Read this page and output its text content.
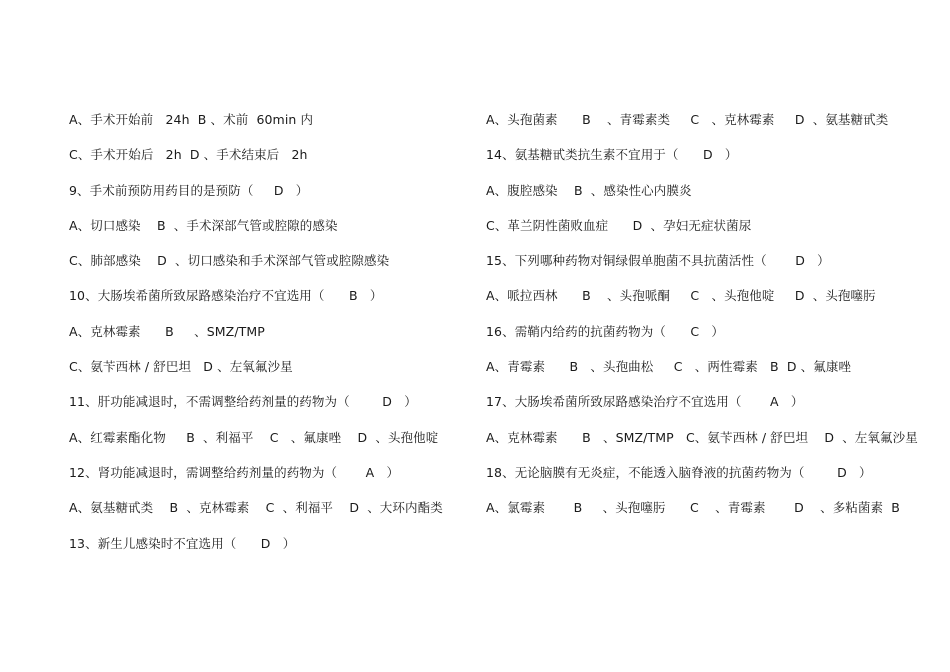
A、手术开始前   24h  B 、术前  60min 内
C、手术开始后   2h  D 、手术结束后   2h
9、手术前预防用药目的是预防（     D   ）
A、切口感染    B  、手术深部气管或腔隙的感染
C、肺部感染    D  、切口感染和手术深部气管或腔隙感染
10、大肠埃希菌所致尿路感染治疗不宜选用（      B   ）
A、克林霉素      B     、SMZ/TMP
C、氨苄西林 / 舒巴坦   D 、左氧氟沙星
11、肝功能减退时，不需调整给药剂量的药物为（        D   ）
A、红霉素酯化物     B  、利福平    C   、氟康唑    D  、头孢他啶
12、肾功能减退时，需调整给药剂量的药物为（       A   ）
A、氨基糖甙类    B  、克林霉素    C  、利福平    D  、大环内酯类
13、新生儿感染时不宜选用（      D   ）
A、头孢菌素      B    、青霉素类     C   、克林霉素     D  、氨基糖甙类
14、氨基糖甙类抗生素不宜用于（      D   ）
A、腹腔感染    B  、感染性心内膜炎
C、革兰阴性菌败血症      D  、孕妇无症状菌尿
15、下列哪种药物对铜绿假单胞菌不具抗菌活性（       D   ）
A、哌拉西林      B    、头孢哌酮     C   、头孢他啶     D  、头孢噻肟
16、需鞘内给药的抗菌药物为（      C   ）
A、青霉素      B   、头孢曲松     C   、两性霉素   B  D 、氟康唑
17、大肠埃希菌所致尿路感染治疗不宜选用（       A   ）
A、克林霉素      B   、SMZ/TMP   C、氨苄西林 / 舒巴坦    D  、左氧氟沙星
18、无论脑膜有无炎症，不能透入脑脊液的抗菌药物为（        D   ）
A、氯霉素       B     、头孢噻肟      C    、青霉素       D    、多粘菌素  B
